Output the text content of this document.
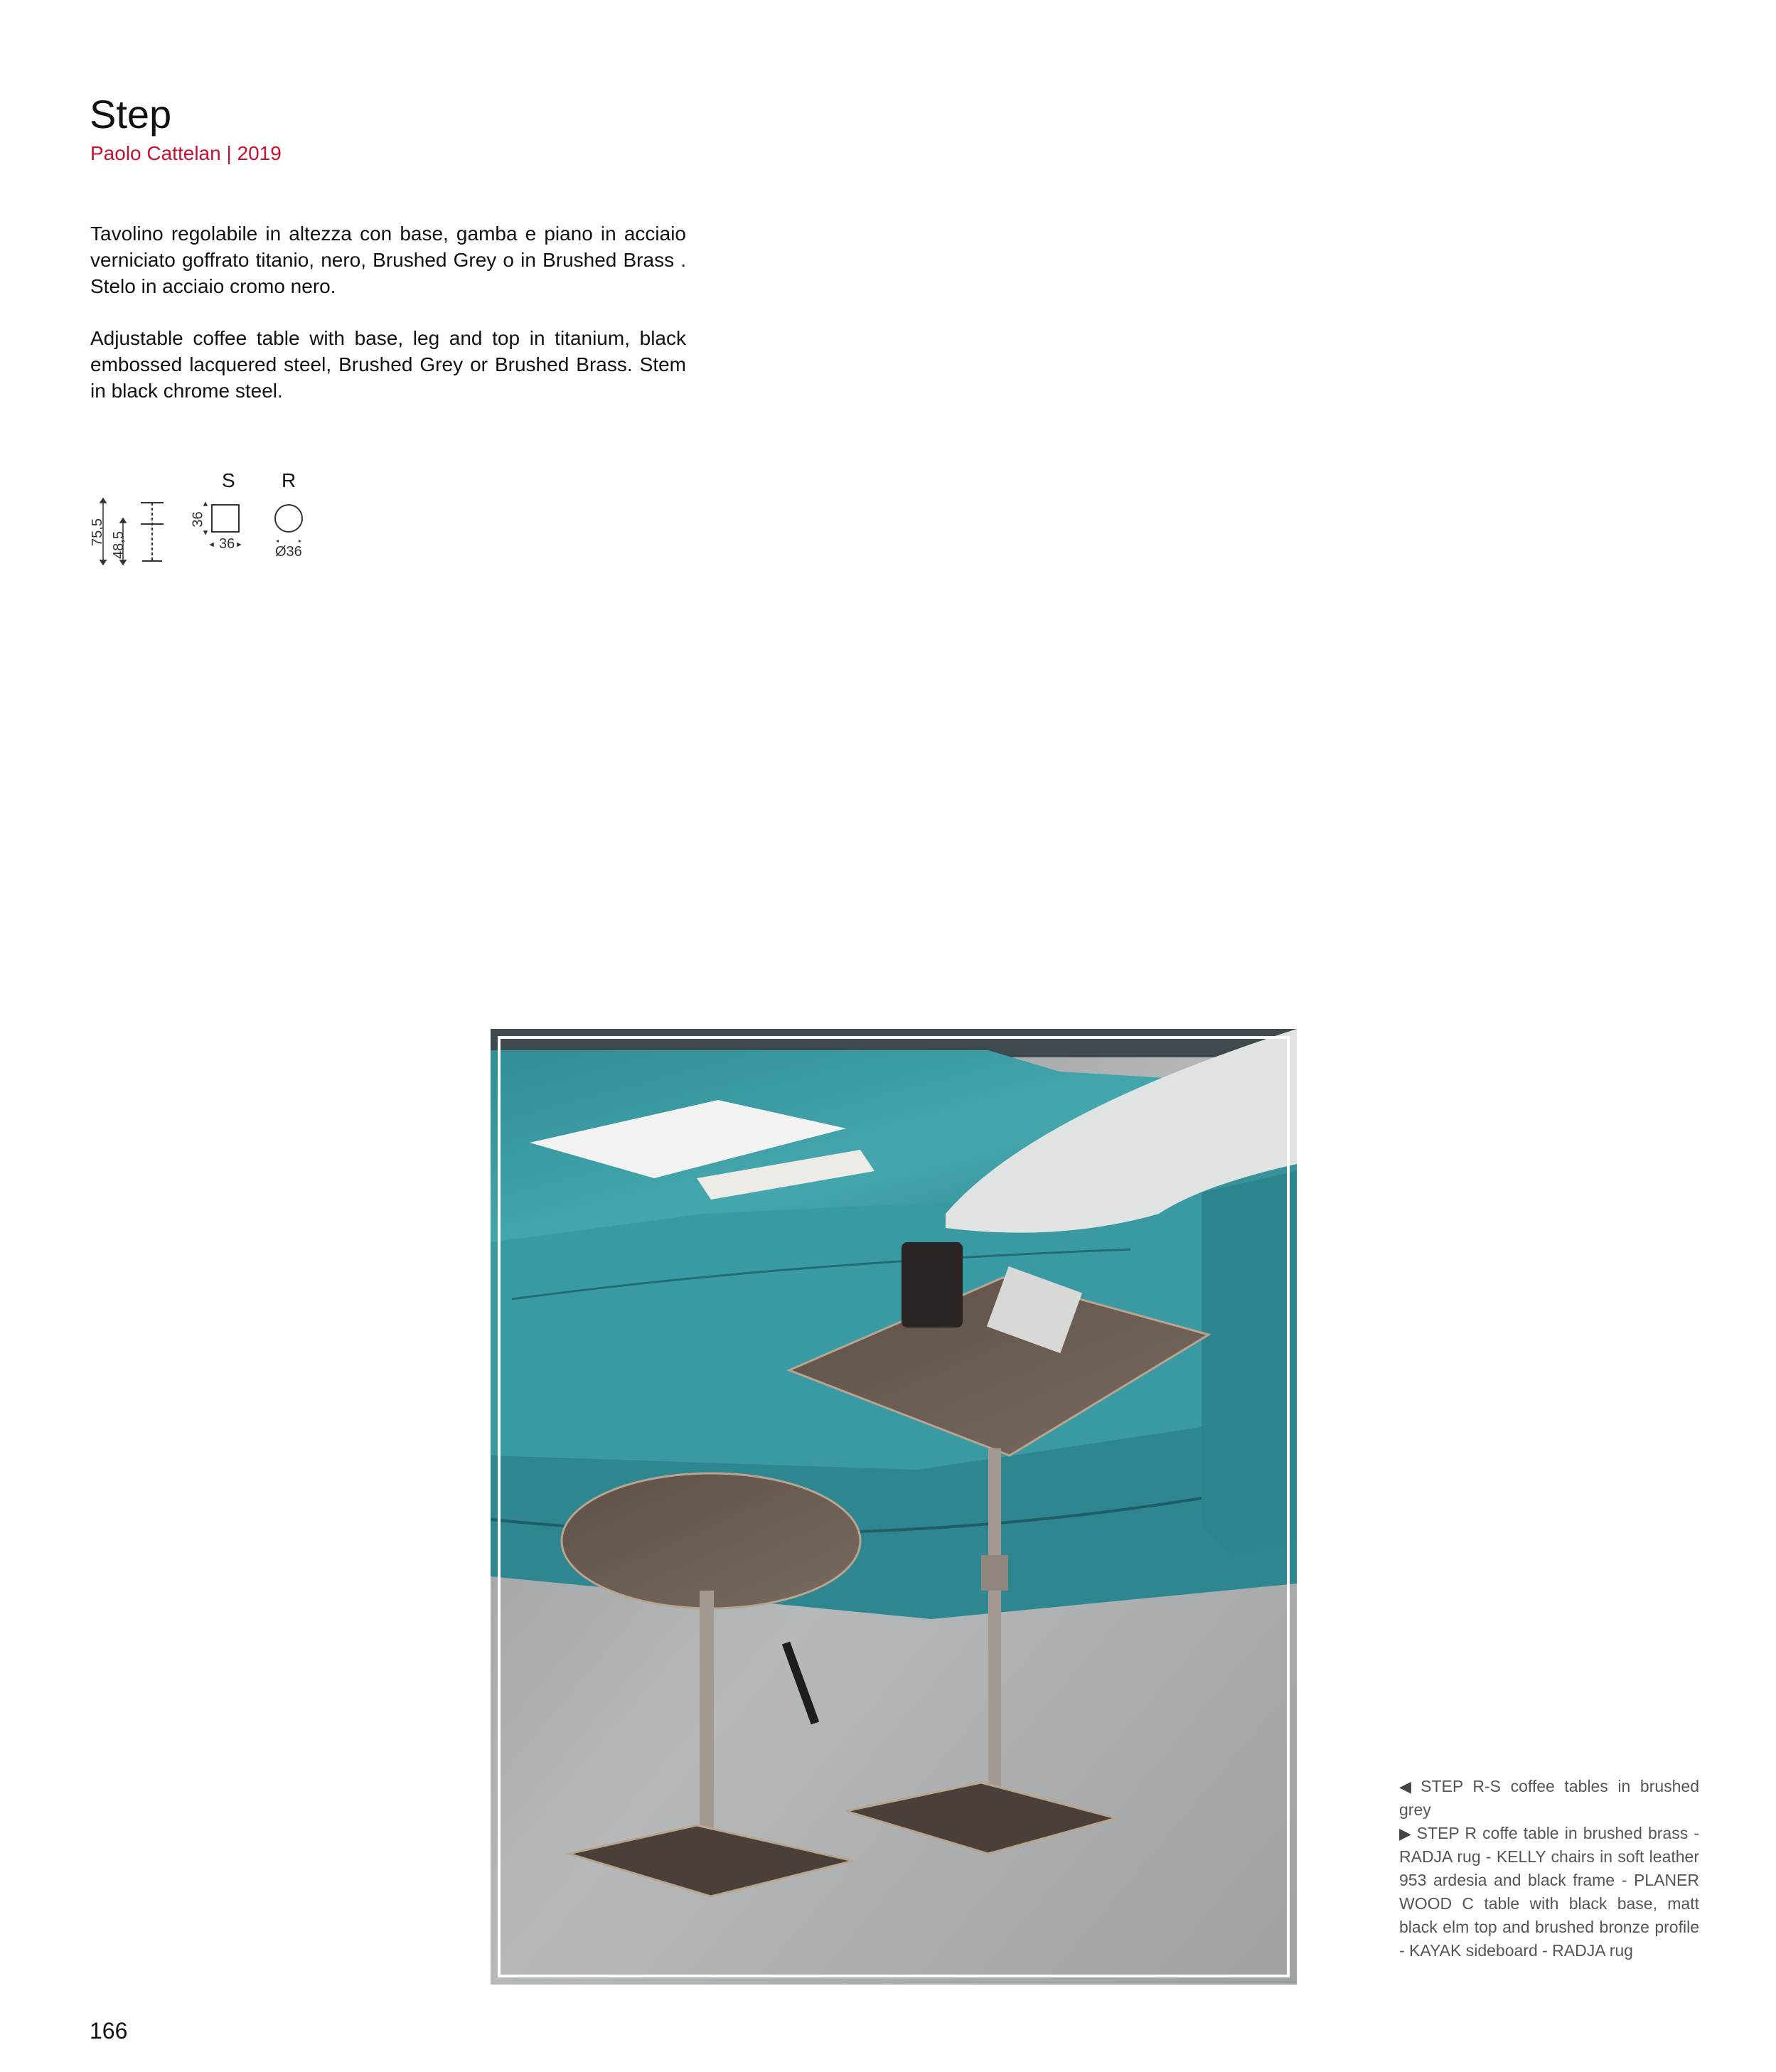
Step
Paolo Cattelan | 2019

Tavolino regolabile in altezza con base, gamba e piano in acciaio verniciato goffrato titanio, nero, Brushed Grey o in Brushed Brass . Stelo in acciaio cromo nero.

Adjustable coffee table with base, leg and top in titanium, black embossed lacquered steel, Brushed Grey or Brushed Brass. Stem in black chrome steel.

S R
75,5 48,5
36
36	Ø36

◀ STEP R-S coffee tables in brushed grey
▶ STEP R coffe table in brushed brass - RADJA rug - KELLY chairs in soft leather 953 ardesia and black frame - PLANER WOOD C table with black base, matt black elm top and brushed bronze profile - KAYAK sideboard - RADJA rug

166
